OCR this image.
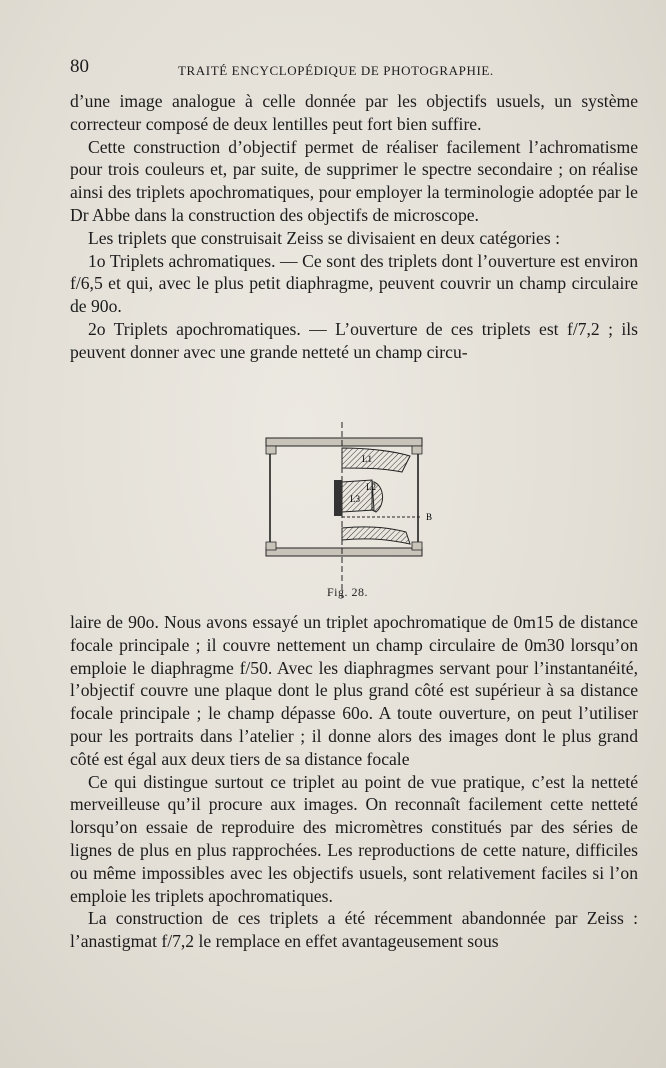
80	TRAITÉ ENCYCLOPÉDIQUE DE PHOTOGRAPHIE.

d’une image analogue à celle donnée par les objectifs usuels, un système correcteur composé de deux lentilles peut fort bien suffire.

Cette construction d’objectif permet de réaliser facilement l’achromatisme pour trois couleurs et, par suite, de supprimer le spectre secondaire ; on réalise ainsi des triplets apochromatiques, pour employer la terminologie adoptée par le Dr Abbe dans la construction des objectifs de microscope.

Les triplets que construisait Zeiss se divisaient en deux catégories :

1o Triplets achromatiques. — Ce sont des triplets dont l’ouverture est environ f/6,5 et qui, avec le plus petit diaphragme, peuvent couvrir un champ circulaire de 90o.

2o Triplets apochromatiques. — L’ouverture de ces triplets est f/7,2 ; ils peuvent donner avec une grande netteté un champ circu-

L1
L2
L3
B
Fig. 28.

laire de 90o. Nous avons essayé un triplet apochromatique de 0m15 de distance focale principale ; il couvre nettement un champ circulaire de 0m30 lorsqu’on emploie le diaphragme f/50. Avec les diaphragmes servant pour l’instantanéité, l’objectif couvre une plaque dont le plus grand côté est supérieur à sa distance focale principale ; le champ dépasse 60o. A toute ouverture, on peut l’utiliser pour les portraits dans l’atelier ; il donne alors des images dont le plus grand côté est égal aux deux tiers de sa distance focale

Ce qui distingue surtout ce triplet au point de vue pratique, c’est la netteté merveilleuse qu’il procure aux images. On reconnaît facilement cette netteté lorsqu’on essaie de reproduire des micromètres constitués par des séries de lignes de plus en plus rapprochées. Les reproductions de cette nature, difficiles ou même impossibles avec les objectifs usuels, sont relativement faciles si l’on emploie les triplets apochromatiques.

La construction de ces triplets a été récemment abandonnée par Zeiss : l’anastigmat f/7,2 le remplace en effet avantageusement sous
